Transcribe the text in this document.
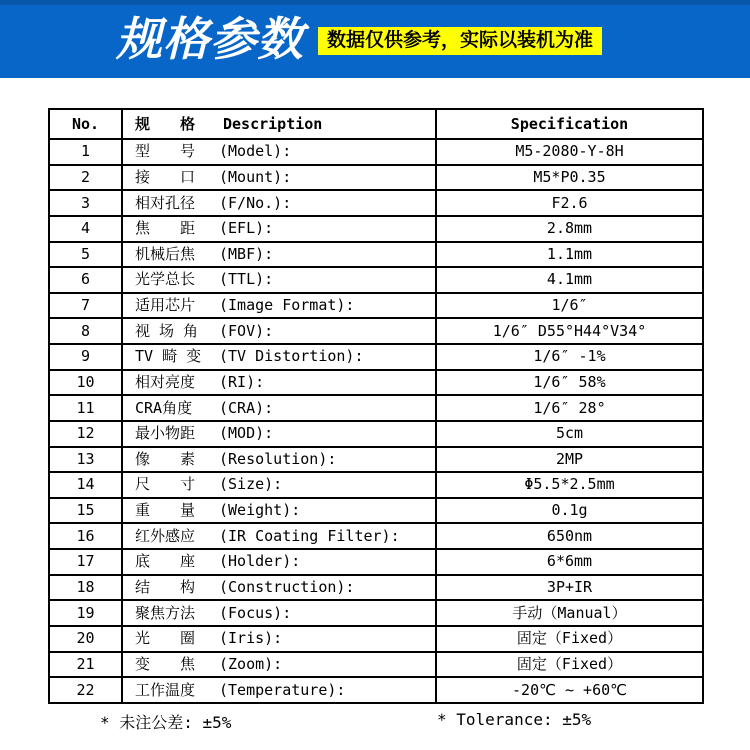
规格参数	数据仅供参考，实际以装机为准
No.	规　　格 Description	Specification
1	型　　号 (Model):	M5-2080-Y-8H
2	接　　口 (Mount):	M5*P0.35
3	相对孔径 (F/No.):	F2.6
4	焦　　距 (EFL):	2.8mm
5	机械后焦 (MBF):	1.1mm
6	光学总长 (TTL):	4.1mm
7	适用芯片 (Image Format):	1/6″
8	视 场 角 (FOV):	1/6″ D55°H44°V34°
9	TV 畸 变 (TV Distortion):	1/6″ -1%
10	相对亮度 (RI):	1/6″ 58%
11	CRA角度 (CRA):	1/6″ 28°
12	最小物距 (MOD):	5cm
13	像　　素 (Resolution):	2MP
14	尺　　寸 (Size):	Φ5.5*2.5mm
15	重　　量 (Weight):	0.1g
16	红外感应 (IR Coating Filter):	650nm
17	底　　座 (Holder):	6*6mm
18	结　　构 (Construction):	3P+IR
19	聚焦方法 (Focus):	手动（Manual）
20	光　　圈 (Iris):	固定（Fixed）
21	变　　焦 (Zoom):	固定（Fixed）
22	工作温度 (Temperature):	-20℃ ~ +60℃
* 未注公差: ±5%	* Tolerance: ±5%
